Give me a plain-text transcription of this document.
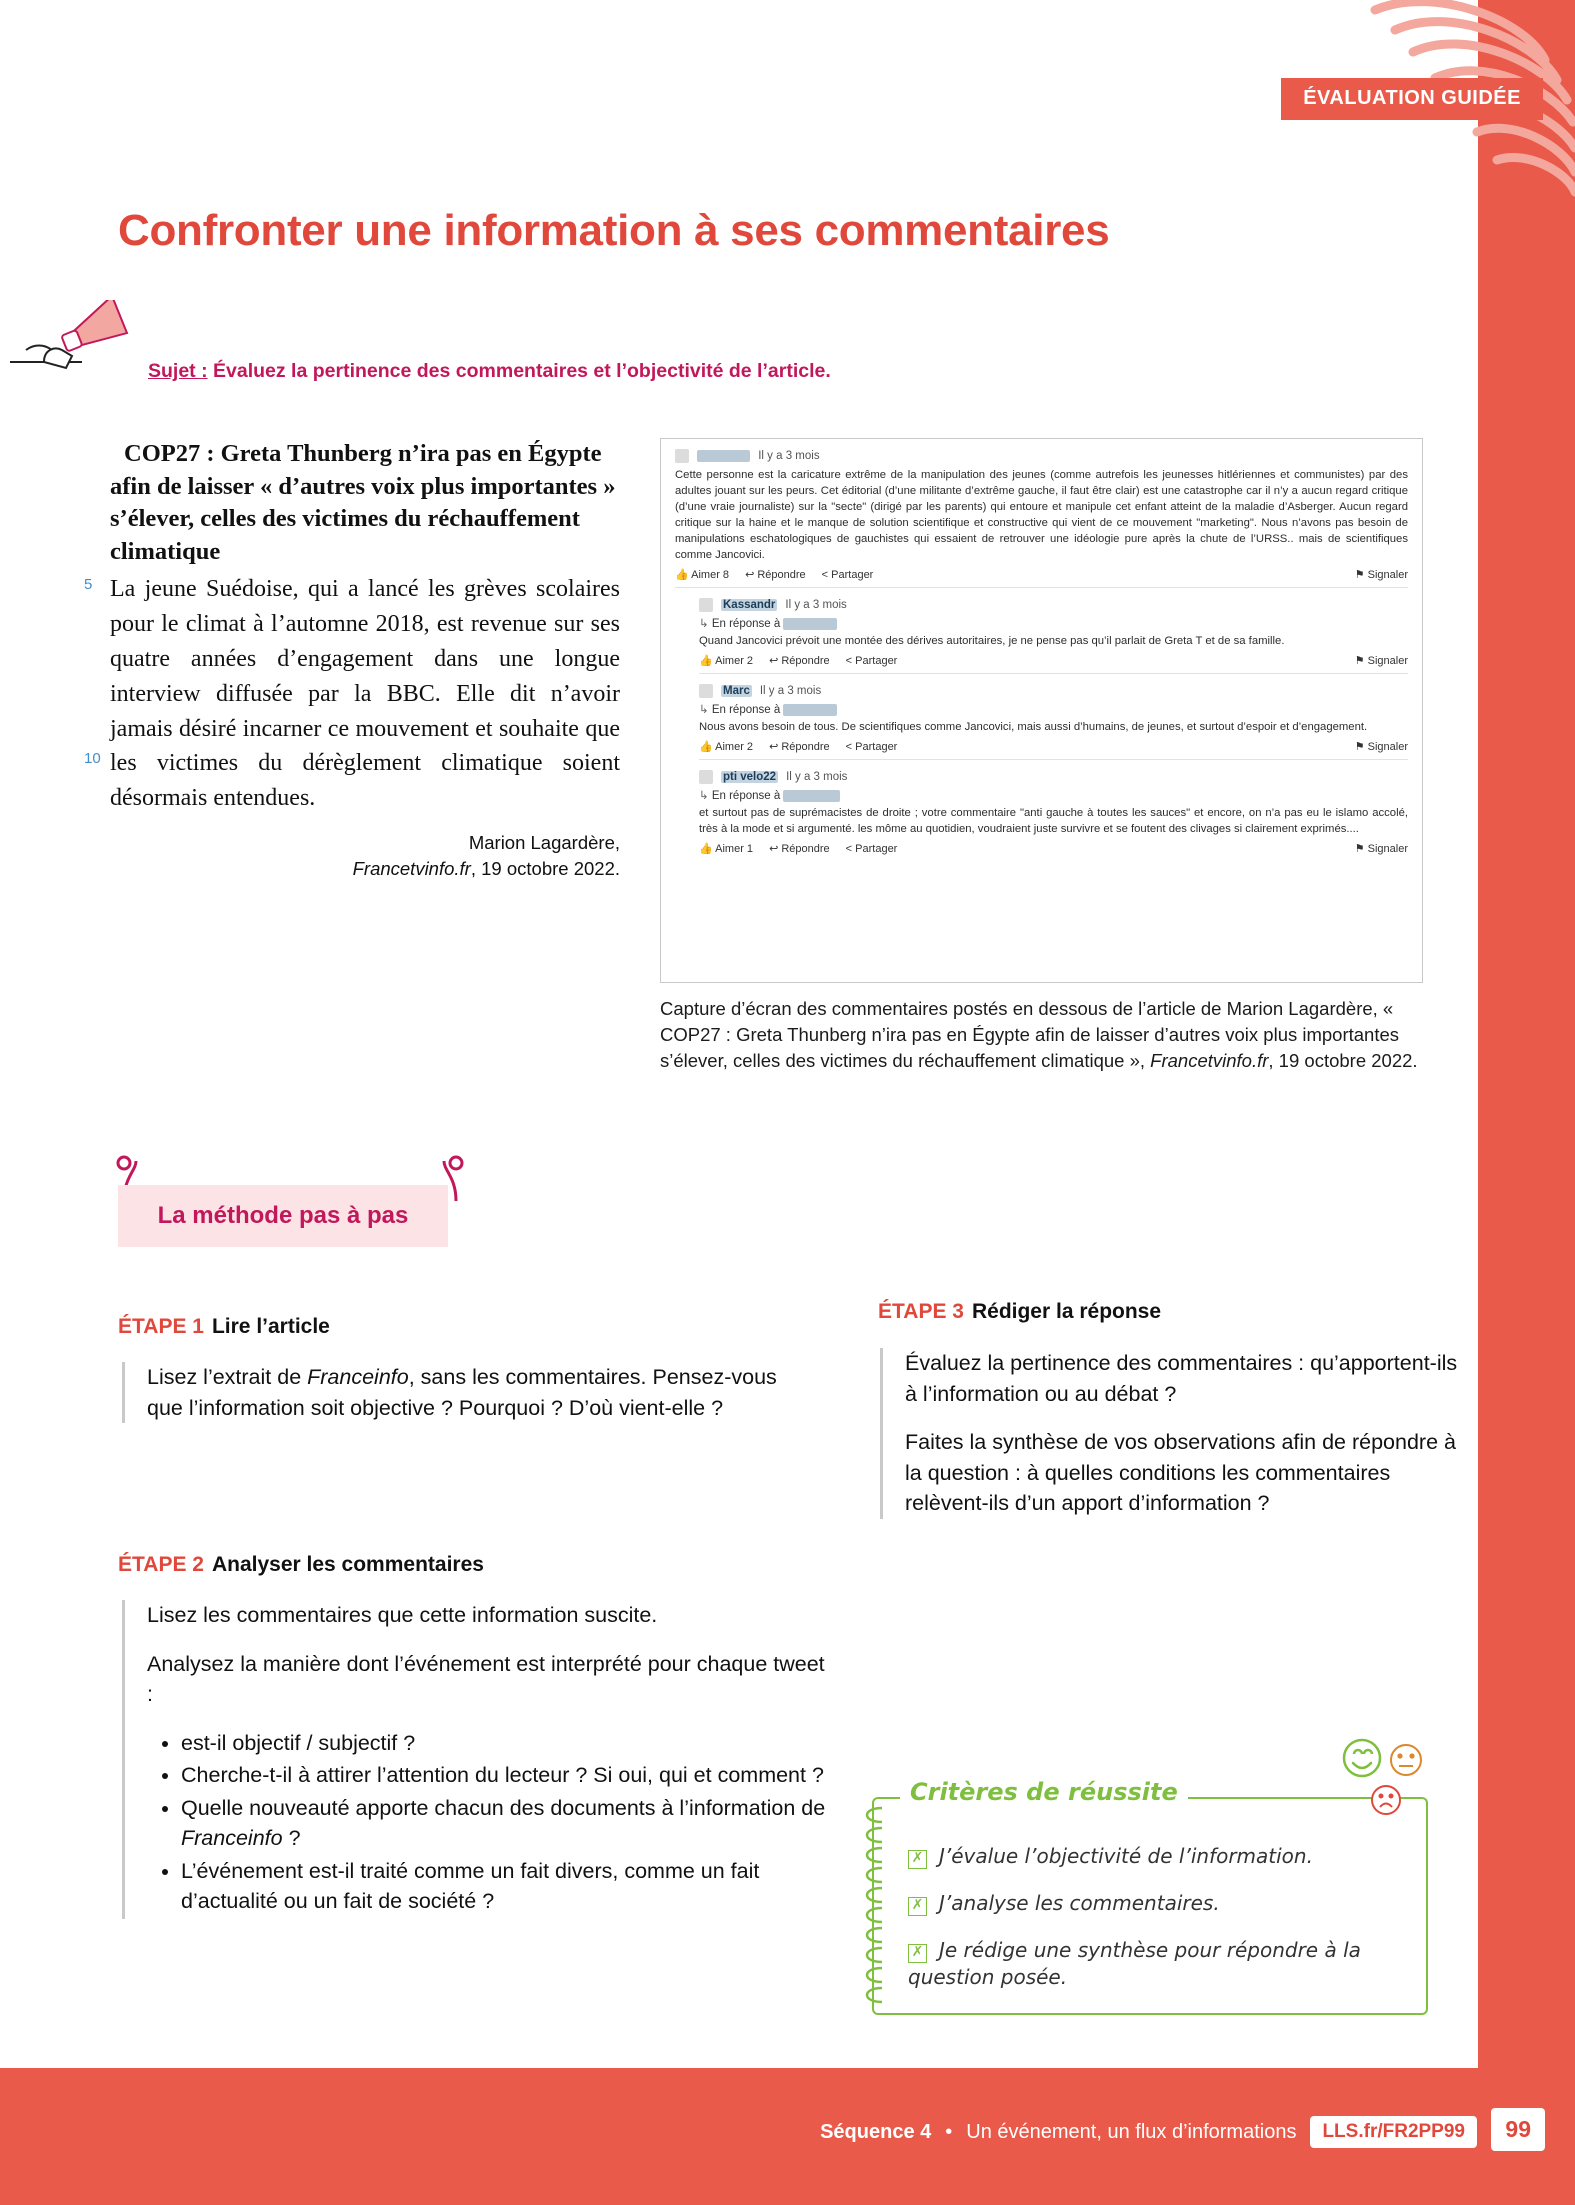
ÉVALUATION GUIDÉE
Confronter une information à ses commentaires
Sujet : Évaluez la pertinence des commentaires et l’objectivité de l’article.
COP27 : Greta Thunberg n’ira pas en Égypte afin de laisser « d’autres voix plus importantes » s’élever, celles des victimes du réchauffement climatique
5
10

La jeune Suédoise, qui a lancé les grèves scolaires pour le climat à l’automne 2018, est revenue sur ses quatre années d’engagement dans une longue interview diffusée par la BBC. Elle dit n’avoir jamais désiré incarner ce mouvement et souhaite que les victimes du dérèglement climatique soient désormais entendues.

Marion Lagardère,
Francetvinfo.fr, 19 octobre 2022.
Il y a 3 mois
Cette personne est la caricature extrême de la manipulation des jeunes (comme autrefois les jeunesses hitlériennes et communistes) par des adultes jouant sur les peurs. Cet éditorial (d’une militante d’extrême gauche, il faut être clair) est une catastrophe car il n’y a aucun regard critique (d’une vraie journaliste) sur la "secte" (dirigé par les parents) qui entoure et manipule cet enfant atteint de la maladie d’Asberger. Aucun regard critique sur la haine et le manque de solution scientifique et constructive qui vient de ce mouvement "marketing". Nous n’avons pas besoin de manipulations eschatologiques de gauchistes qui essaient de retrouver une idéologie pure après la chute de l’URSS.. mais de scientifiques comme Jancovici.
👍 Aimer 8 ↩ Répondre < Partager	⚑ Signaler
Kassandr Il y a 3 mois
↳ En réponse à
Quand Jancovici prévoit une montée des dérives autoritaires, je ne pense pas qu’il parlait de Greta T et de sa famille.
👍 Aimer 2 ↩ Répondre < Partager	⚑ Signaler
Marc Il y a 3 mois
↳ En réponse à
Nous avons besoin de tous. De scientifiques comme Jancovici, mais aussi d’humains, de jeunes, et surtout d’espoir et d’engagement.
👍 Aimer 2 ↩ Répondre < Partager	⚑ Signaler
pti velo22 Il y a 3 mois
↳ En réponse à
et surtout pas de suprémacistes de droite ; votre commentaire "anti gauche à toutes les sauces" et encore, on n’a pas eu le islamo accolé, très à la mode et si argumenté. les môme au quotidien, voudraient juste survivre et se foutent des clivages si clairement exprimés....
👍 Aimer 1 ↩ Répondre < Partager	⚑ Signaler
Capture d’écran des commentaires postés en dessous de l’article de Marion Lagardère, « COP27 : Greta Thunberg n’ira pas en Égypte afin de laisser d’autres voix plus importantes s’élever, celles des victimes du réchauffement climatique », Francetvinfo.fr, 19 octobre 2022.
La méthode pas à pas
ÉTAPE 1 Lire l’article

Lisez l’extrait de Franceinfo, sans les commentaires. Pensez-vous que l’information soit objective ? Pourquoi ? D’où vient-elle ?

ÉTAPE 2 Analyser les commentaires

Lisez les commentaires que cette information suscite.

Analysez la manière dont l’événement est interprété pour chaque tweet :

• est-il objectif / subjectif ?
• Cherche-t-il à attirer l’attention du lecteur ? Si oui, qui et comment ?
• Quelle nouveauté apporte chacun des documents à l’information de Franceinfo ?
• L’événement est-il traité comme un fait divers, comme un fait d’actualité ou un fait de société ?
ÉTAPE 3 Rédiger la réponse

Évaluez la pertinence des commentaires : qu’apportent-ils à l’information ou au débat ?

Faites la synthèse de vos observations afin de répondre à la question : à quelles conditions les commentaires relèvent-ils d’un apport d’information ?

Critères de réussite
✗ J’évalue l’objectivité de l’information.
✗ J’analyse les commentaires.
✗ Je rédige une synthèse pour répondre à la question posée.
Séquence 4 • Un événement, un flux d’informations	LLS.fr/FR2PP99	99
